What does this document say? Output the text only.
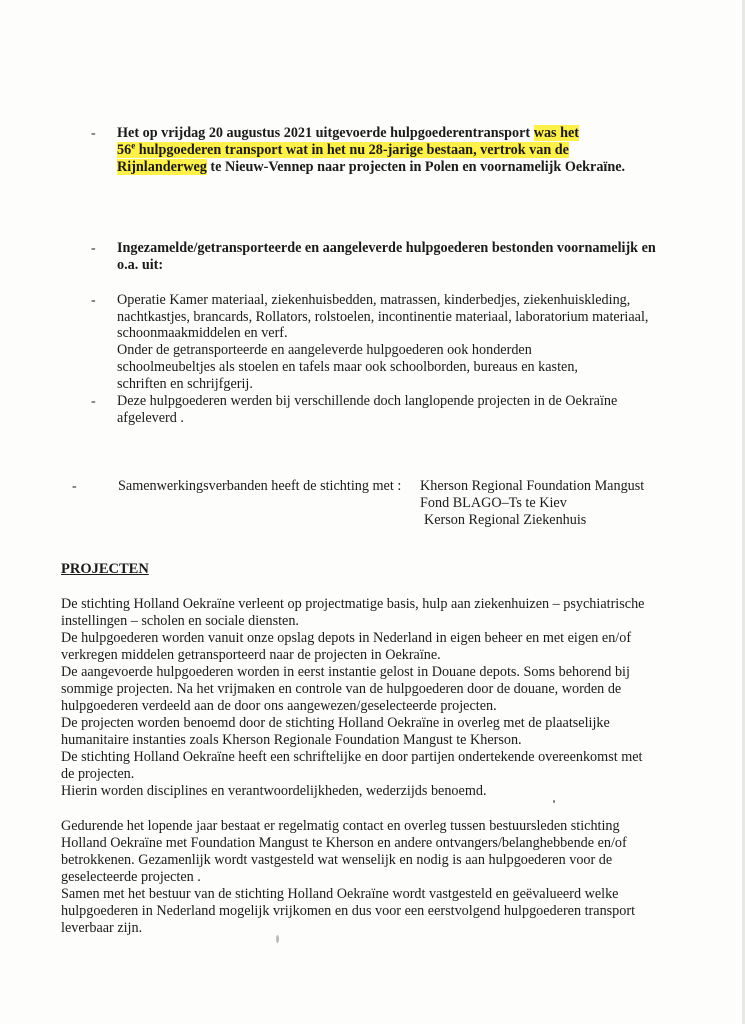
- Het op vrijdag 20 augustus 2021 uitgevoerde hulpgoederentransport was het
56e hulpgoederen transport wat in het nu 28-jarige bestaan, vertrok van de
Rijnlanderweg te Nieuw-Vennep naar projecten in Polen en voornamelijk Oekraïne.
- Ingezamelde/getransporteerde en aangeleverde hulpgoederen bestonden voornamelijk en
o.a. uit:
- Operatie Kamer materiaal, ziekenhuisbedden, matrassen, kinderbedjes, ziekenhuiskleding,
nachtkastjes, brancards, Rollators, rolstoelen, incontinentie materiaal, laboratorium materiaal,
schoonmaakmiddelen en verf.
Onder de getransporteerde en aangeleverde hulpgoederen ook honderden
schoolmeubeltjes als stoelen en tafels maar ook schoolborden, bureaus en kasten,
schriften en schrijfgerij.
- Deze hulpgoederen werden bij verschillende doch langlopende projecten in de Oekraïne
afgeleverd .
-	Samenwerkingsverbanden heeft de stichting met : Kherson Regional Foundation Mangust
Fond BLAGO–Ts te Kiev
Kerson Regional Ziekenhuis
PROJECTEN
De stichting Holland Oekraïne verleent op projectmatige basis, hulp aan ziekenhuizen – psychiatrische
instellingen – scholen en sociale diensten.
De hulpgoederen worden vanuit onze opslag depots in Nederland in eigen beheer en met eigen en/of
verkregen middelen getransporteerd naar de projecten in Oekraïne.
De aangevoerde hulpgoederen worden in eerst instantie gelost in Douane depots. Soms behorend bij
sommige projecten. Na het vrijmaken en controle van de hulpgoederen door de douane, worden de
hulpgoederen verdeeld aan de door ons aangewezen/geselecteerde projecten.
De projecten worden benoemd door de stichting Holland Oekraïne in overleg met de plaatselijke
humanitaire instanties zoals Kherson Regionale Foundation Mangust te Kherson.
De stichting Holland Oekraïne heeft een schriftelijke en door partijen ondertekende overeenkomst met
de projecten.
Hierin worden disciplines en verantwoordelijkheden, wederzijds benoemd.
Gedurende het lopende jaar bestaat er regelmatig contact en overleg tussen bestuursleden stichting
Holland Oekraïne met Foundation Mangust te Kherson en andere ontvangers/belanghebbende en/of
betrokkenen. Gezamenlijk wordt vastgesteld wat wenselijk en nodig is aan hulpgoederen voor de
geselecteerde projecten .
Samen met het bestuur van de stichting Holland Oekraïne wordt vastgesteld en geëvalueerd welke
hulpgoederen in Nederland mogelijk vrijkomen en dus voor een eerstvolgend hulpgoederen transport
leverbaar zijn.
